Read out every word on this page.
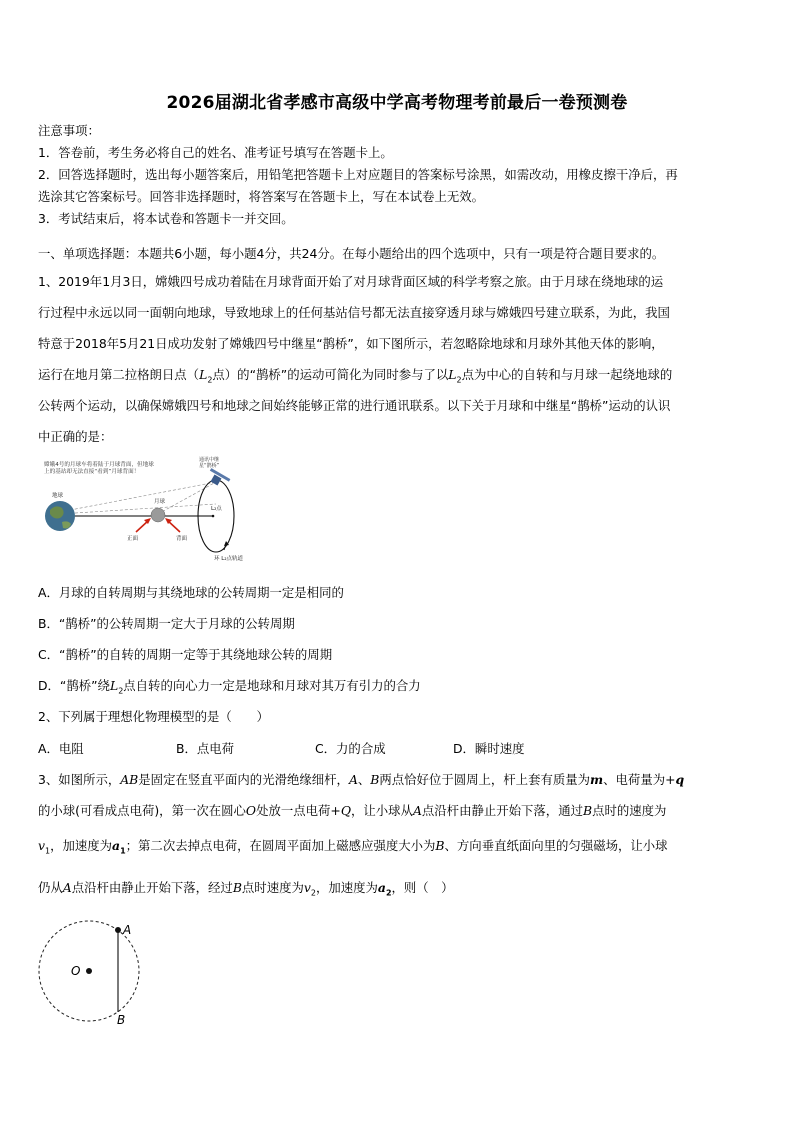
2026届湖北省孝感市高级中学高考物理考前最后一卷预测卷
注意事项：
1．答卷前，考生务必将自己的姓名、准考证号填写在答题卡上。
2．回答选择题时，选出每小题答案后，用铅笔把答题卡上对应题目的答案标号涂黑，如需改动，用橡皮擦干净后，再
选涂其它答案标号。回答非选择题时，将答案写在答题卡上，写在本试卷上无效。
3．考试结束后，将本试卷和答题卡一并交回。
一、单项选择题：本题共6小题，每小题4分，共24分。在每小题给出的四个选项中，只有一项是符合题目要求的。
1、2019年1月3日，嫦娥四号成功着陆在月球背面开始了对月球背面区域的科学考察之旅。由于月球在绕地球的运
行过程中永远以同一面朝向地球，导致地球上的任何基站信号都无法直接穿透月球与嫦娥四号建立联系，为此，我国
特意于2018年5月21日成功发射了嫦娥四号中继星“鹊桥”，如下图所示，若忽略除地球和月球外其他天体的影响，
运行在地月第二拉格朗日点（$L_2$点）的“鹊桥”的运动可简化为同时参与了以$L_2$点为中心的自转和与月球一起绕地球的
公转两个运动，以确保嫦娥四号和地球之间始终能够正常的进行通讯联系。以下关于月球和中继星“鹊桥”运动的认识
中正确的是：
嫦娥4号的月球车将着陆于月球背面，但地球
上的基站却无法直接“看到”月球背面！
通讯中继
星“鹊桥”
地球
月球
正面	背面
L₂点
环 L₂点轨道
A．月球的自转周期与其绕地球的公转周期一定是相同的
B．“鹊桥”的公转周期一定大于月球的公转周期
C．“鹊桥”的自转的周期一定等于其绕地球公转的周期
D．“鹊桥”绕$L_2$点自转的向心力一定是地球和月球对其万有引力的合力
2、下列属于理想化物理模型的是（　　）
A．电阻	B．点电荷	C．力的合成	D．瞬时速度
3、如图所示，AB是固定在竖直平面内的光滑绝缘细杆，A、B两点恰好位于圆周上，杆上套有质量为m、电荷量为+q
的小球(可看成点电荷)，第一次在圆心O处放一点电荷+Q，让小球从A点沿杆由静止开始下落，通过B点时的速度为
$v_1$，加速度为$a_1$；第二次去掉点电荷，在圆周平面加上磁感应强度大小为B、方向垂直纸面向里的匀强磁场，让小球
仍从A点沿杆由静止开始下落，经过B点时速度为$v_2$，加速度为$a_2$，则（　）
O
A
B
